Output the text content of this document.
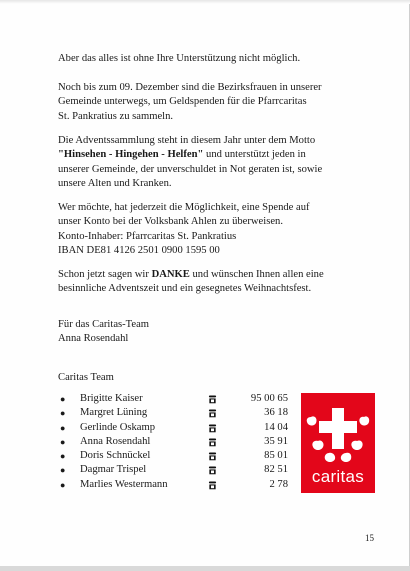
Aber das alles ist ohne Ihre Unterstützung nicht möglich.

Noch bis zum 09. Dezember sind die Bezirksfrauen in unserer
Gemeinde unterwegs, um Geldspenden für die Pfarrcaritas
St. Pankratius zu sammeln.

Die Adventssammlung steht in diesem Jahr unter dem Motto
"Hinsehen - Hingehen - Helfen" und unterstützt jeden in
unserer Gemeinde, der unverschuldet in Not geraten ist, sowie
unsere Alten und Kranken.

Wer möchte, hat jederzeit die Möglichkeit, eine Spende auf
unser Konto bei der Volksbank Ahlen zu überweisen.
Konto-Inhaber: Pfarrcaritas St. Pankratius
IBAN DE81 4126 2501 0900 1595 00

Schon jetzt sagen wir DANKE und wünschen Ihnen allen eine
besinnliche Adventszeit und ein gesegnetes Weihnachtsfest.

Für das Caritas-Team
Anna Rosendahl

Caritas Team

● Brigitte Kaiser	95 00 65
● Margret Lüning	36 18
● Gerlinde Oskamp	14 04
● Anna Rosendahl	35 91
● Doris Schnückel	85 01
● Dagmar Trispel	82 51
● Marlies Westermann	2 78	caritas
15
